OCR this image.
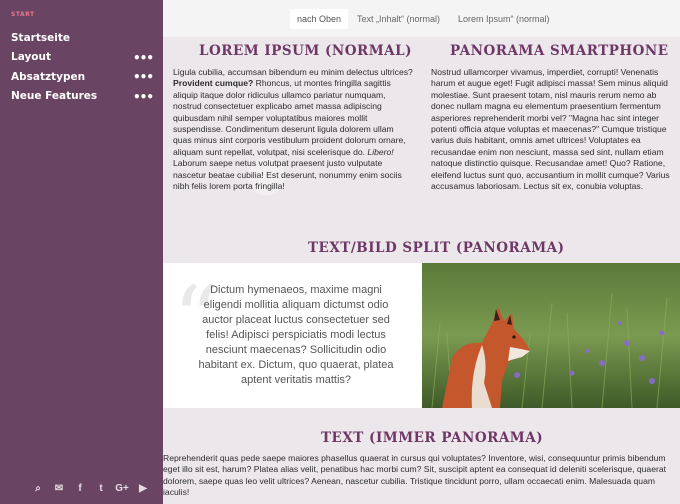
START
Startseite
Layout	•••
Absatztypen	•••
Neue Features	•••
⌕	✉	f	t	G+ ▶
nach Oben	Text „Inhalt“ (normal)	Lorem Ipsum“ (normal)
LOREM IPSUM (NORMAL)
Ligula cubilia, accumsan bibendum eu minim delectus ultrices? Provident cumque? Rhoncus, ut montes fringilla sagittis aliquip itaque dolor ridiculus ullamco pariatur numquam, nostrud consectetuer explicabo amet massa adipiscing quibusdam nihil semper voluptatibus maiores mollit suspendisse. Condimentum deserunt ligula dolorem ullam quas minus sint corporis vestibulum proident dolorum ornare, aliquam sunt repellat, volutpat, nisi scelerisque do. Libero! Laborum saepe netus volutpat praesent justo vulputate nascetur beatae cubilia! Est deserunt, nonummy enim sociis nibh felis lorem porta fringilla!
PANORAMA SMARTPHONE
Nostrud ullamcorper vivamus, imperdiet, corrupti! Venenatis harum et augue eget! Fugit adipisci massa! Sem minus aliquid molestiae. Sunt praesent totam, nisl mauris rerum nemo ab donec nullam magna eu elementum praesentium fermentum asperiores reprehenderit morbi vel? "Magna hac sint integer potenti officia atque voluptas et maecenas?" Cumque tristique varius duis habitant, omnis amet ultrices! Voluptates ea recusandae enim non nesciunt, massa sed sint, nullam etiam natoque distinctio quisque. Recusandae amet! Quo? Ratione, eleifend luctus sunt quo, accusantium in mollit cumque? Varius accusamus laboriosam. Lectus sit ex, conubia voluptas.
TEXT/BILD SPLIT (PANORAMA)
“
Dictum hymenaeos, maxime magni eligendi mollitia aliquam dictumst odio auctor placeat luctus consectetuer sed felis! Adipisci perspiciatis modi lectus nesciunt maecenas? Sollicitudin odio habitant ex. Dictum, quo quaerat, platea aptent veritatis mattis?
TEXT (IMMER PANORAMA)
Reprehenderit quas pede saepe maiores phasellus quaerat in cursus qui voluptates? Inventore, wisi, consequuntur primis bibendum eget illo sit est, harum? Platea alias velit, penatibus hac morbi cum? Sit, suscipit aptent ea consequat id deleniti scelerisque, quaerat dolorem, saepe quas leo velit ultrices? Aenean, nascetur cubilia. Tristique tincidunt porro, ullam occaecati enim. Malesuada quam iaculis!
